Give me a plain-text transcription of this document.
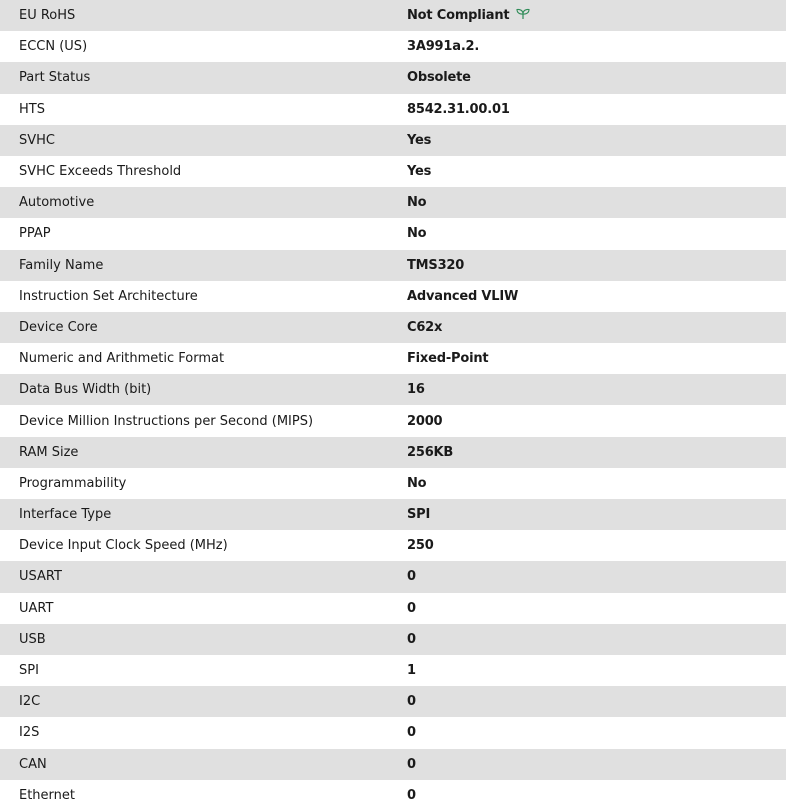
EU RoHS	Not Compliant
ECCN (US)	3A991a.2.
Part Status	Obsolete
HTS	8542.31.00.01
SVHC	Yes
SVHC Exceeds Threshold	Yes
Automotive	No
PPAP	No
Family Name	TMS320
Instruction Set Architecture	Advanced VLIW
Device Core	C62x
Numeric and Arithmetic Format	Fixed-Point
Data Bus Width (bit)	16
Device Million Instructions per Second (MIPS)	2000
RAM Size	256KB
Programmability	No
Interface Type	SPI
Device Input Clock Speed (MHz)	250
USART	0
UART	0
USB	0
SPI	1
I2C	0
I2S	0
CAN	0
Ethernet	0
